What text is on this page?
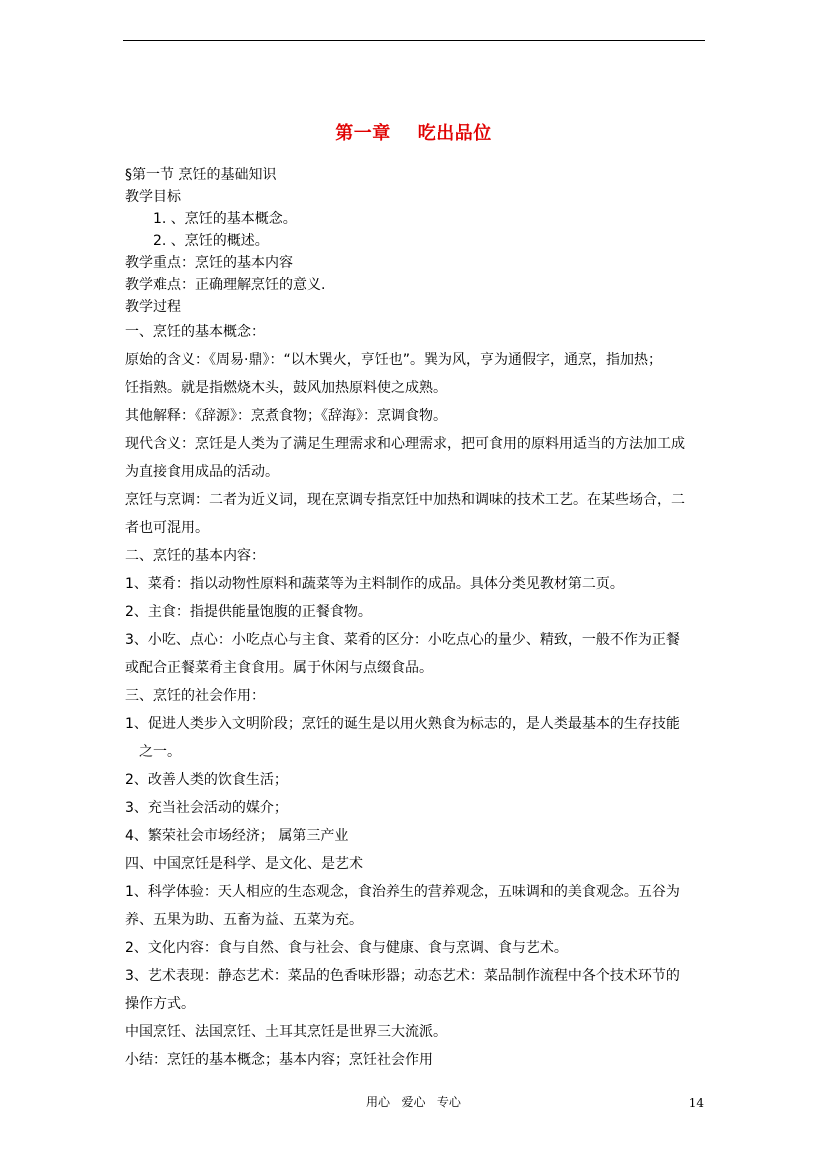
第一章    吃出品位
§第一节 烹饪的基础知识
教学目标
1. 、烹饪的基本概念。
2. 、烹饪的概述。
教学重点：烹饪的基本内容
教学难点：正确理解烹饪的意义.
教学过程
一、烹饪的基本概念：
原始的含义：《周易·鼎》：“以木巽火，亨饪也”。巽为风，亨为通假字，通烹，指加热；
饪指熟。就是指燃烧木头，鼓风加热原料使之成熟。
其他解释：《辞源》：烹煮食物；《辞海》：烹调食物。
现代含义：烹饪是人类为了满足生理需求和心理需求，把可食用的原料用适当的方法加工成
为直接食用成品的活动。
烹饪与烹调：二者为近义词，现在烹调专指烹饪中加热和调味的技术工艺。在某些场合，二
者也可混用。
二、烹饪的基本内容：
1、菜肴：指以动物性原料和蔬菜等为主料制作的成品。具体分类见教材第二页。
2、主食：指提供能量饱腹的正餐食物。
3、小吃、点心：小吃点心与主食、菜肴的区分：小吃点心的量少、精致，一般不作为正餐
或配合正餐菜肴主食食用。属于休闲与点缀食品。
三、烹饪的社会作用：
1、促进人类步入文明阶段；烹饪的诞生是以用火熟食为标志的，是人类最基本的生存技能
之一。
2、改善人类的饮食生活；
3、充当社会活动的媒介；
4、繁荣社会市场经济； 属第三产业
四、中国烹饪是科学、是文化、是艺术
1、科学体验：天人相应的生态观念，食治养生的营养观念，五味调和的美食观念。五谷为
养、五果为助、五畜为益、五菜为充。
2、文化内容：食与自然、食与社会、食与健康、食与烹调、食与艺术。
3、艺术表现：静态艺术：菜品的色香味形器；动态艺术：菜品制作流程中各个技术环节的
操作方式。
中国烹饪、法国烹饪、土耳其烹饪是世界三大流派。
小结：烹饪的基本概念；基本内容；烹饪社会作用
用心   爱心   专心	14
